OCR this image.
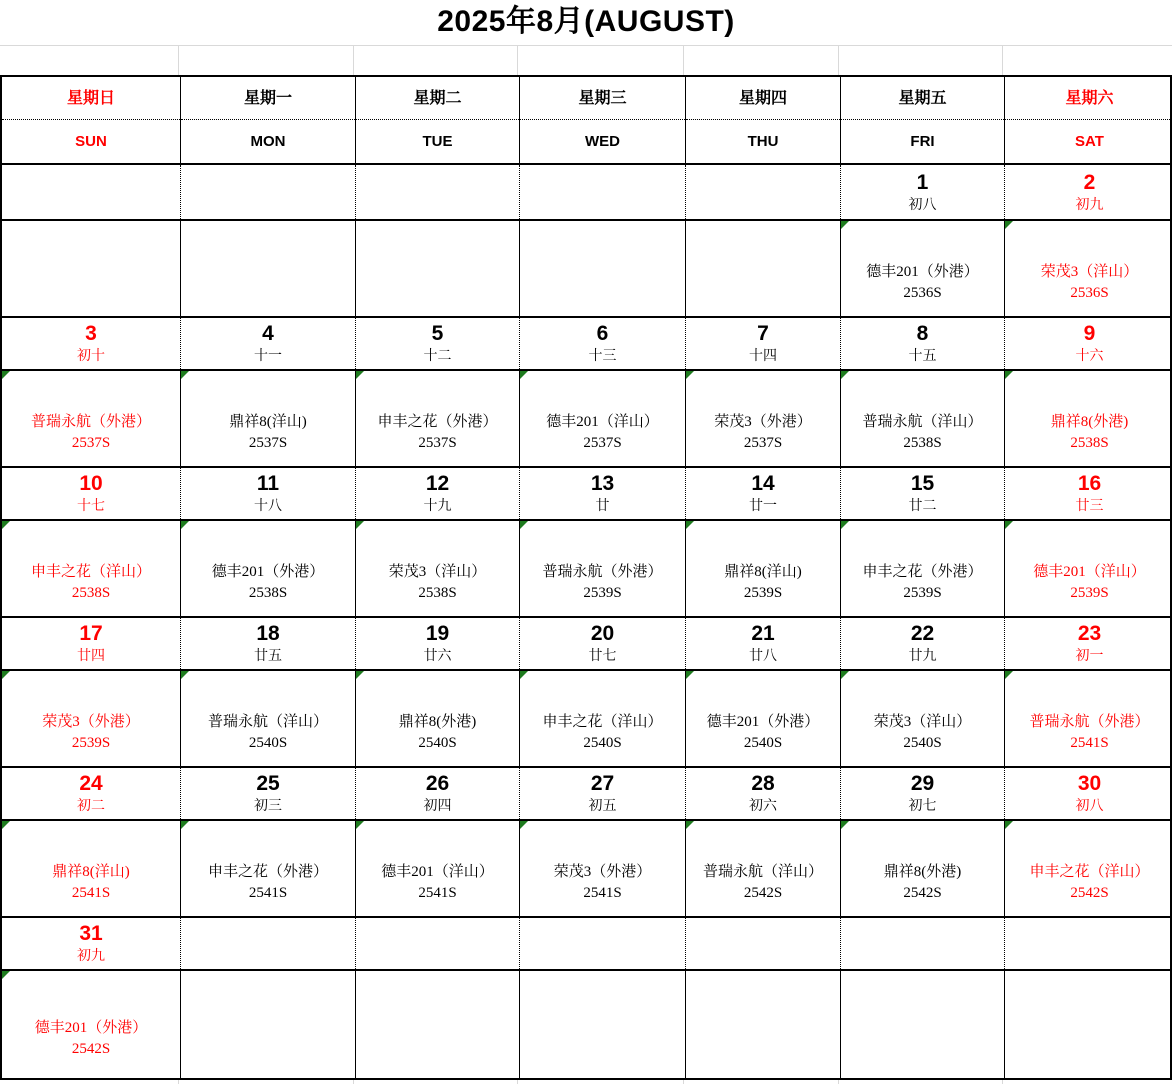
2025年8月(AUGUST)
星期日
SUN
星期一
MON
星期二
TUE
星期三
WED
星期四
THU
星期五
FRI
星期六
SAT
1
初八
2
初九
德丰201（外港）
2536S
荣茂3（洋山）
2536S
3
初十
4
十一
5
十二
6
十三
7
十四
8
十五
9
十六
普瑞永航（外港）
2537S
鼎祥8(洋山)
2537S
申丰之花（外港）
2537S
德丰201（洋山）
2537S
荣茂3（外港）
2537S
普瑞永航（洋山）
2538S
鼎祥8(外港)
2538S
10
十七
11
十八
12
十九
13
廿
14
廿一
15
廿二
16
廿三
申丰之花（洋山）
2538S
德丰201（外港）
2538S
荣茂3（洋山）
2538S
普瑞永航（外港）
2539S
鼎祥8(洋山)
2539S
申丰之花（外港）
2539S
德丰201（洋山）
2539S
17
廿四
18
廿五
19
廿六
20
廿七
21
廿八
22
廿九
23
初一
荣茂3（外港）
2539S
普瑞永航（洋山）
2540S
鼎祥8(外港)
2540S
申丰之花（洋山）
2540S
德丰201（外港）
2540S
荣茂3（洋山）
2540S
普瑞永航（外港）
2541S
24
初二
25
初三
26
初四
27
初五
28
初六
29
初七
30
初八
鼎祥8(洋山)
2541S
申丰之花（外港）
2541S
德丰201（洋山）
2541S
荣茂3（外港）
2541S
普瑞永航（洋山）
2542S
鼎祥8(外港)
2542S
申丰之花（洋山）
2542S
31
初九
德丰201（外港）
2542S
